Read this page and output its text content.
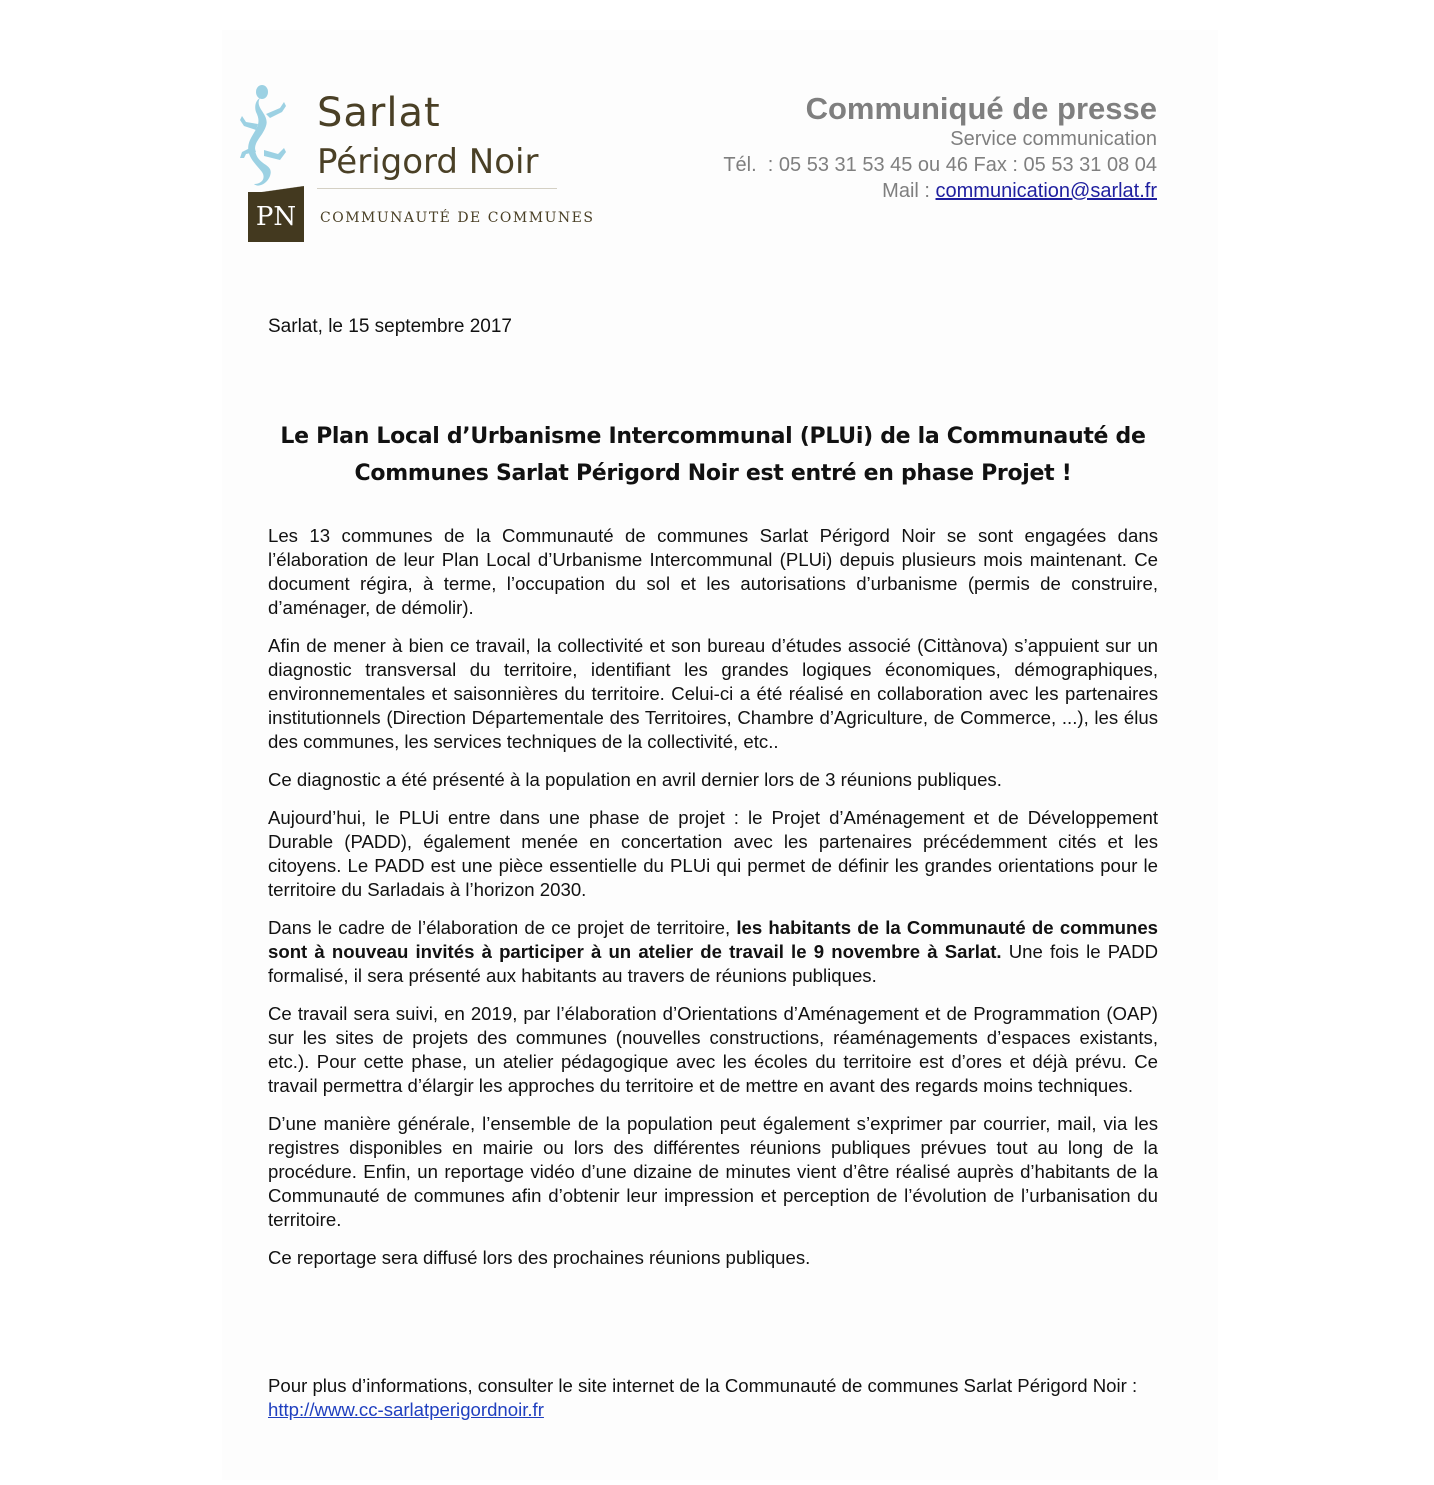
Sarlat
Périgord Noir
PN	COMMUNAUTÉ DE COMMUNES
Communiqué de presse
Service communication
Tél.  : 05 53 31 53 45 ou 46 Fax : 05 53 31 08 04
Mail : communication@sarlat.fr
Sarlat, le 15 septembre 2017
Le Plan Local d’Urbanisme Intercommunal (PLUi) de la Communauté de Communes Sarlat Périgord Noir est entré en phase Projet !

Les 13 communes de la Communauté de communes Sarlat Périgord Noir se sont engagées dans l’élaboration de leur Plan Local d’Urbanisme Intercommunal (PLUi) depuis plusieurs mois maintenant. Ce document régira, à terme, l’occupation du sol et les autorisations d’urbanisme (permis de construire, d’aménager, de démolir).

Afin de mener à bien ce travail, la collectivité et son bureau d’études associé (Cittànova) s’appuient sur un diagnostic transversal du territoire, identifiant les grandes logiques économiques, démographiques, environnementales et saisonnières du territoire. Celui-ci a été réalisé en collaboration avec les partenaires institutionnels (Direction Départementale des Territoires, Chambre d’Agriculture, de Commerce, ...), les élus des communes, les services techniques de la collectivité, etc..

Ce diagnostic a été présenté à la population en avril dernier lors de 3 réunions publiques.

Aujourd’hui, le PLUi entre dans une phase de projet : le Projet d’Aménagement et de Développement Durable (PADD), également menée en concertation avec les partenaires précédemment cités et les citoyens. Le PADD est une pièce essentielle du PLUi qui permet de définir les grandes orientations pour le territoire du Sarladais à l’horizon 2030.

Dans le cadre de l’élaboration de ce projet de territoire, les habitants de la Communauté de communes sont à nouveau invités à participer à un atelier de travail le 9 novembre à Sarlat. Une fois le PADD formalisé, il sera présenté aux habitants au travers de réunions publiques.

Ce travail sera suivi, en 2019, par l’élaboration d’Orientations d’Aménagement et de Programmation (OAP) sur les sites de projets des communes (nouvelles constructions, réaménagements d’espaces existants, etc.). Pour cette phase, un atelier pédagogique avec les écoles du territoire est d’ores et déjà prévu. Ce travail permettra d’élargir les approches du territoire et de mettre en avant des regards moins techniques.

D’une manière générale, l’ensemble de la population peut également s’exprimer par courrier, mail, via les registres disponibles en mairie ou lors des différentes réunions publiques prévues tout au long de la procédure. Enfin, un reportage vidéo d’une dizaine de minutes vient d’être réalisé auprès d’habitants de la Communauté de communes afin d’obtenir leur impression et perception de l’évolution de l’urbanisation du territoire.

Ce reportage sera diffusé lors des prochaines réunions publiques.

Pour plus d’informations, consulter le site internet de la Communauté de communes Sarlat Périgord Noir : http://www.cc-sarlatperigordnoir.fr
